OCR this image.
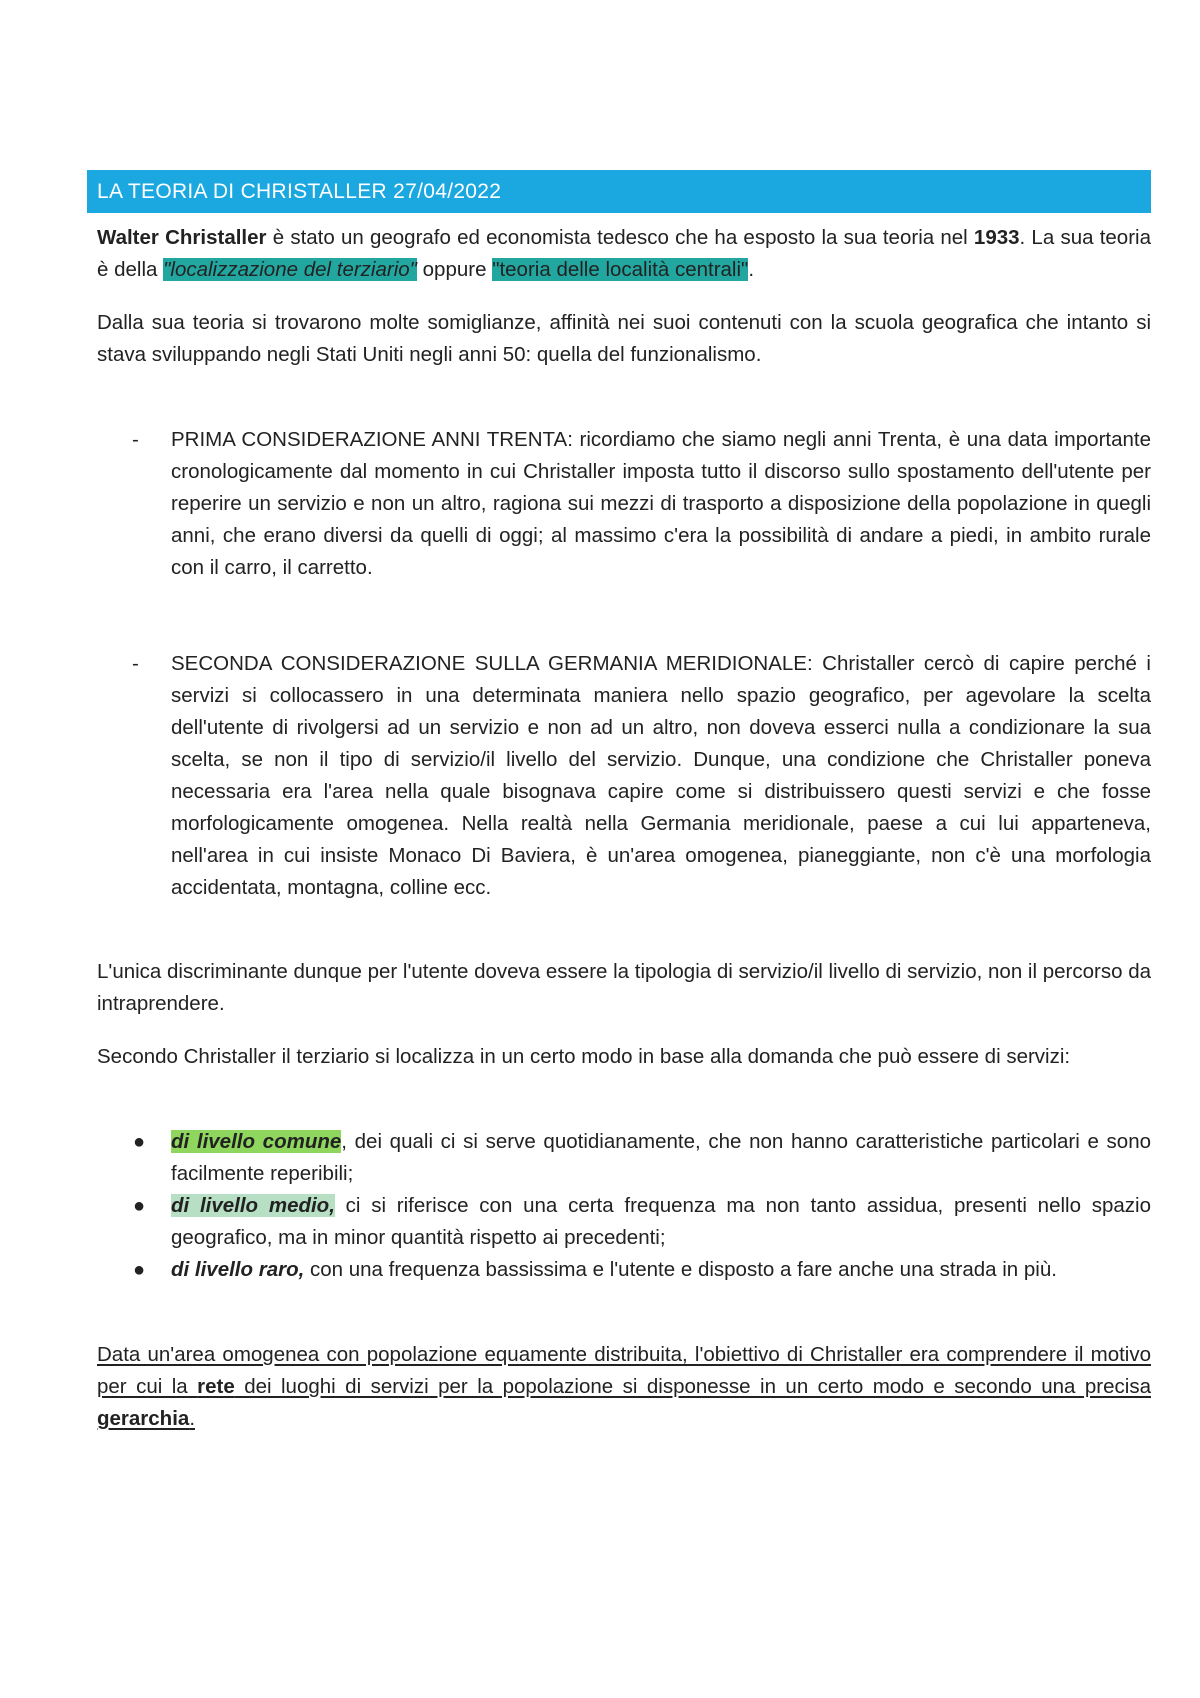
LA TEORIA DI CHRISTALLER 27/04/2022

Walter Christaller è stato un geografo ed economista tedesco che ha esposto la sua teoria nel 1933. La sua teoria è della "localizzazione del terziario" oppure "teoria delle località centrali".

Dalla sua teoria si trovarono molte somiglianze, affinità nei suoi contenuti con la scuola geografica che intanto si stava sviluppando negli Stati Uniti negli anni 50: quella del funzionalismo.

- PRIMA CONSIDERAZIONE ANNI TRENTA: ricordiamo che siamo negli anni Trenta, è una data importante cronologicamente dal momento in cui Christaller imposta tutto il discorso sullo spostamento dell'utente per reperire un servizio e non un altro, ragiona sui mezzi di trasporto a disposizione della popolazione in quegli anni, che erano diversi da quelli di oggi; al massimo c'era la possibilità di andare a piedi, in ambito rurale con il carro, il carretto.

- SECONDA CONSIDERAZIONE SULLA GERMANIA MERIDIONALE: Christaller cercò di capire perché i servizi si collocassero in una determinata maniera nello spazio geografico, per agevolare la scelta dell'utente di rivolgersi ad un servizio e non ad un altro, non doveva esserci nulla a condizionare la sua scelta, se non il tipo di servizio/il livello del servizio. Dunque, una condizione che Christaller poneva necessaria era l'area nella quale bisognava capire come si distribuissero questi servizi e che fosse morfologicamente omogenea. Nella realtà nella Germania meridionale, paese a cui lui apparteneva, nell'area in cui insiste Monaco Di Baviera, è un'area omogenea, pianeggiante, non c'è una morfologia accidentata, montagna, colline ecc.

L'unica discriminante dunque per l'utente doveva essere la tipologia di servizio/il livello di servizio, non il percorso da intraprendere.

Secondo Christaller il terziario si localizza in un certo modo in base alla domanda che può essere di servizi:

● di livello comune, dei quali ci si serve quotidianamente, che non hanno caratteristiche particolari e sono facilmente reperibili;

● di livello medio, ci si riferisce con una certa frequenza ma non tanto assidua, presenti nello spazio geografico, ma in minor quantità rispetto ai precedenti;

● di livello raro, con una frequenza bassissima e l'utente e disposto a fare anche una strada in più.

Data un'area omogenea con popolazione equamente distribuita, l'obiettivo di Christaller era comprendere il motivo per cui la rete dei luoghi di servizi per la popolazione si disponesse in un certo modo e secondo una precisa gerarchia.
